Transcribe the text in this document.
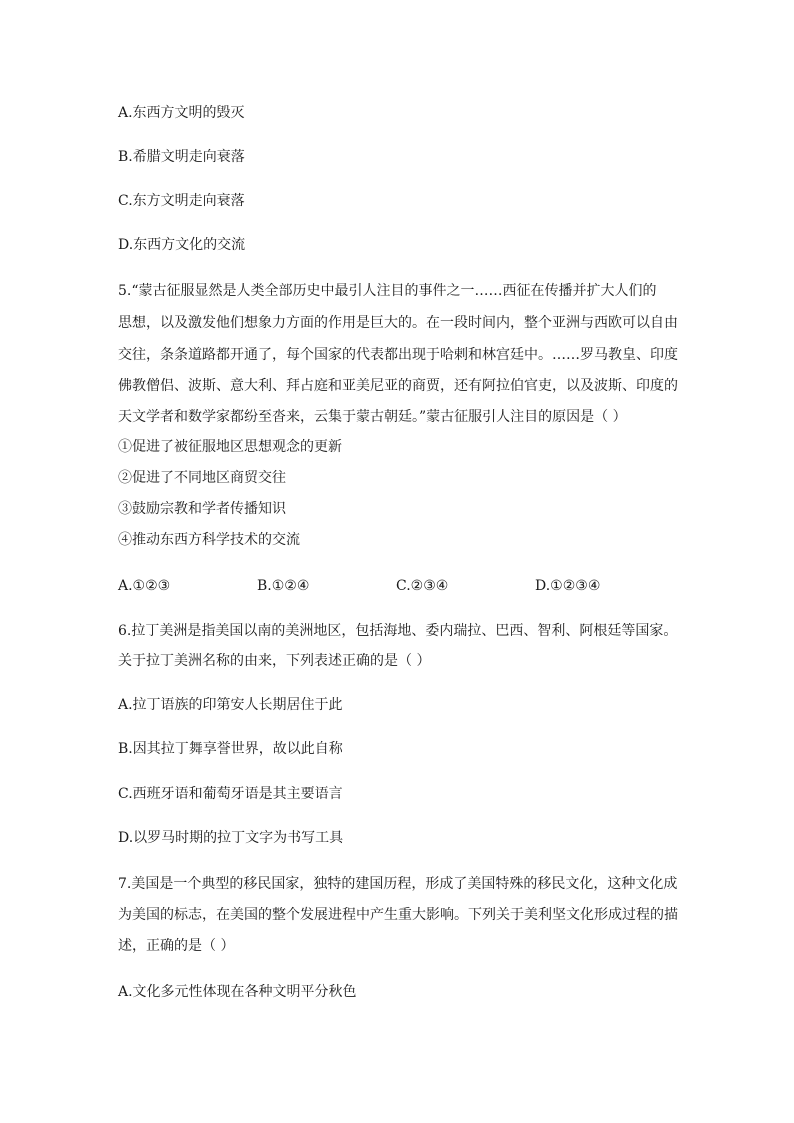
A.东西方文明的毁灭
B.希腊文明走向衰落
C.东方文明走向衰落
D.东西方文化的交流
5.“蒙古征服显然是人类全部历史中最引人注目的事件之一……西征在传播并扩大人们的
思想，以及激发他们想象力方面的作用是巨大的。在一段时间内，整个亚洲与西欧可以自由
交往，条条道路都开通了，每个国家的代表都出现于哈剌和林宫廷中。……罗马教皇、印度
佛教僧侣、波斯、意大利、拜占庭和亚美尼亚的商贾，还有阿拉伯官吏，以及波斯、印度的
天文学者和数学家都纷至沓来，云集于蒙古朝廷。”蒙古征服引人注目的原因是（ ）
①促进了被征服地区思想观念的更新
②促进了不同地区商贸交往
③鼓励宗教和学者传播知识
④推动东西方科学技术的交流
A.①②③	B.①②④	C.②③④	D.①②③④
6.拉丁美洲是指美国以南的美洲地区，包括海地、委内瑞拉、巴西、智利、阿根廷等国家。
关于拉丁美洲名称的由来，下列表述正确的是（ ）
A.拉丁语族的印第安人长期居住于此
B.因其拉丁舞享誉世界，故以此自称
C.西班牙语和葡萄牙语是其主要语言
D.以罗马时期的拉丁文字为书写工具
7.美国是一个典型的移民国家，独特的建国历程，形成了美国特殊的移民文化，这种文化成
为美国的标志，在美国的整个发展进程中产生重大影响。下列关于美利坚文化形成过程的描
述，正确的是（ ）
A.文化多元性体现在各种文明平分秋色
